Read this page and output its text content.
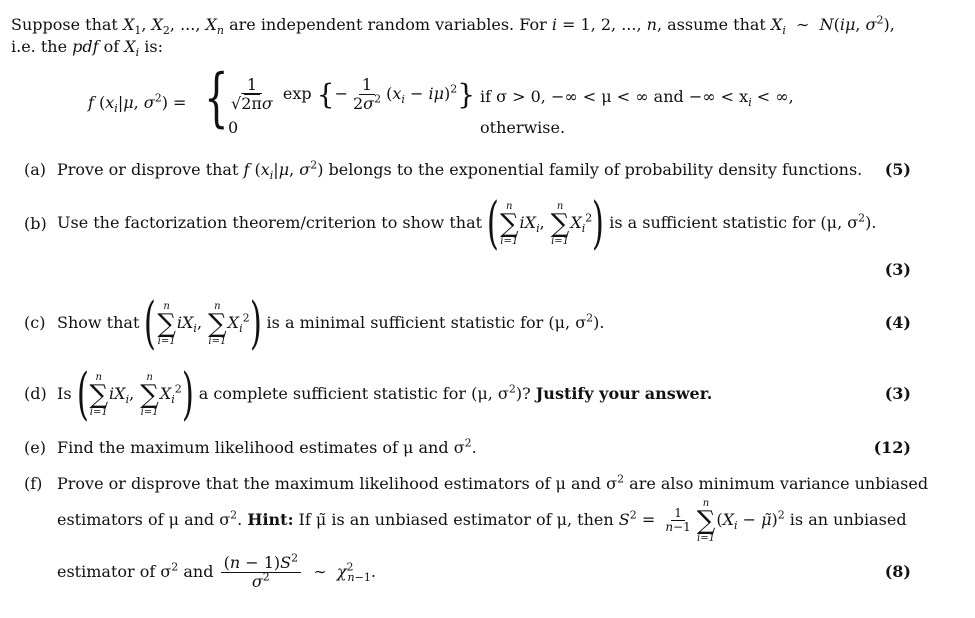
Suppose that $X_1$, $X_2$, ..., $X_n$ are independent random variables. For i = 1, 2, ..., n, assume that $X_i$  ∼  N(iμ, $\sigma^2$),
i.e. the pdf of $X_i$ is:
f ($x_i|\mu$, $\sigma^2$) = { $\frac{1}{√2\pi\sigma}$ exp {− $\frac{1}{2\sigma^2} (x_i - i\mu)^2$} if σ > 0, −∞ < μ < ∞ and −∞ < $x_i$ < ∞,
0	otherwise.
(a) Prove or disprove that f ($x_i|\mu$, $\sigma^2$) belongs to the exponential family of probability density functions. (5)
(b) Use the factorization theorem/criterion to show that ( n
∑
i=1
$iX_i$,
n
∑
i=1
$X_i^2$) is a sufficient statistic for (μ, $\sigma^2$).
(3)
(c) Show that ( n
∑
i=1
$iX_i$,
n
∑
i=1
$X_i^2$) is a minimal sufficient statistic for (μ, $\sigma^2$).	(4)
(d) Is ( n
∑
i=1
$iX_i$,
n
∑
i=1
$X_i^2$) a complete sufficient statistic for (μ, $\sigma^2$)? Justify your answer.	(3)
(e) Find the maximum likelihood estimates of μ and $\sigma^2$.	(12)
(f) Prove or disprove that the maximum likelihood estimators of μ and $\sigma^2$ are also minimum variance unbiased
estimators of μ and $\sigma^2$. Hint: If μ̃ is an unbiased estimator of μ, then $S^2 = \frac{1}{n-1}$
n
∑
i=1
($X_i$ − μ̃)$^2$ is an unbiased
estimator of $\sigma^2$ and $\frac{(n - 1)S^2}{\sigma^2}$ ∼  $\chi^2_{n-1}$.	(8)
